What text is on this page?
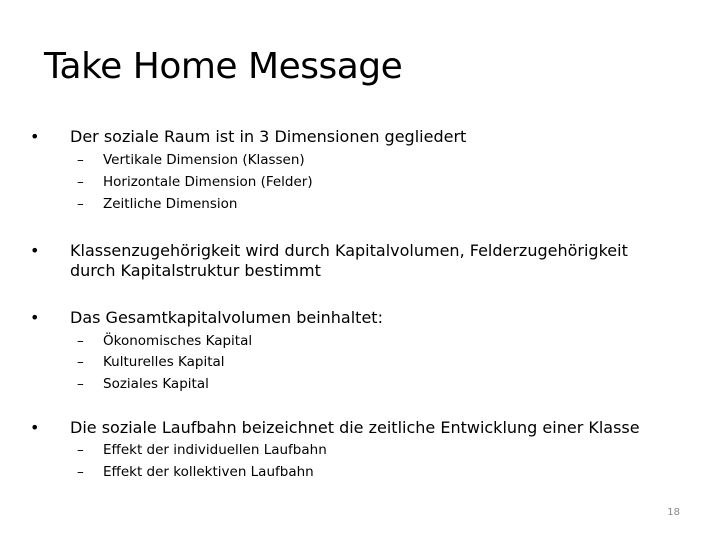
Take Home Message
•	Der soziale Raum ist in 3 Dimensionen gegliedert
– Vertikale Dimension (Klassen)
– Horizontale Dimension (Felder)
– Zeitliche Dimension
•	Klassenzugehörigkeit wird durch Kapitalvolumen, Felderzugehörigkeit durch Kapitalstruktur bestimmt
•	Das Gesamtkapitalvolumen beinhaltet:
– Ökonomisches Kapital
– Kulturelles Kapital
– Soziales Kapital
•	Die soziale Laufbahn beizeichnet die zeitliche Entwicklung einer Klasse
– Effekt der individuellen Laufbahn
– Effekt der kollektiven Laufbahn
18
